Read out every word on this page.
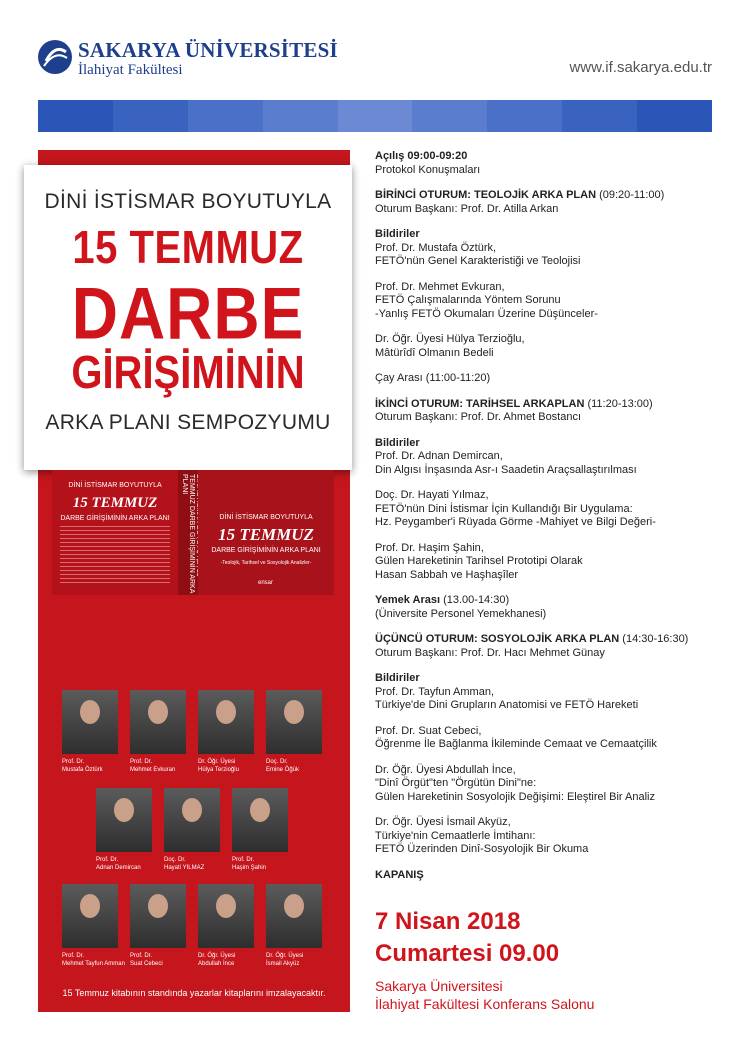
SAKARYA ÜNİVERSİTESİ
İlahiyat Fakültesi	www.if.sakarya.edu.tr
DİNİ İSTİSMAR BOYUTUYLA
15 TEMMUZ
DARBE
GİRİŞİMİNİN
ARKA PLANI SEMPOZYUMU
DİNİ İSTİSMAR BOYUTUYLA
15 TEMMUZ
DARBE GİRİŞİMİNİN ARKA PLANI
TEMMUZ DARBE GİRİŞİMİNİN ARKA PLANI
DİNİ İSTİSMAR BOYUTUYLA
15 TEMMUZ
DARBE GİRİŞİMİNİN ARKA PLANI
-Teolojik, Tarihsel ve Sosyolojik Analizler-
ensar
Prof. Dr.
Mustafa Öztürk
Prof. Dr.
Mehmet Evkuran
Dr. Öğr. Üyesi
Hülya Terzioğlu
Doç. Dr.
Emine Öğük
Prof. Dr.
Adnan Demircan
Doç. Dr.
Hayati YILMAZ
Prof. Dr.
Haşim Şahin
Prof. Dr.
Mehmet Tayfun Amman
Prof. Dr.
Suat Cebeci
Dr. Öğr. Üyesi
Abdullah İnce
Dr. Öğr. Üyesi
İsmail Akyüz
15 Temmuz kitabının standında yazarlar kitaplarını imzalayacaktır.

Açılış 09:00-09:20

Protokol Konuşmaları

BİRİNCİ OTURUM: TEOLOJİK ARKA PLAN (09:20-11:00)

Oturum Başkanı: Prof. Dr. Atilla Arkan

Bildiriler

Prof. Dr. Mustafa Öztürk,

FETÖ'nün Genel Karakteristiği ve Teolojisi

Prof. Dr. Mehmet Evkuran,

FETÖ Çalışmalarında Yöntem Sorunu

-Yanlış FETÖ Okumaları Üzerine Düşünceler-

Dr. Öğr. Üyesi Hülya Terzioğlu,

Mâtürîdî Olmanın Bedeli

Çay Arası (11:00-11:20)

İKİNCİ OTURUM: TARİHSEL ARKAPLAN (11:20-13:00)

Oturum Başkanı: Prof. Dr. Ahmet Bostancı

Bildiriler

Prof. Dr. Adnan Demircan,

Din Algısı İnşasında Asr-ı Saadetin Araçsallaştırılması

Doç. Dr. Hayati Yılmaz,

FETÖ'nün Dini İstismar İçin Kullandığı Bir Uygulama:

Hz. Peygamber'i Rüyada Görme -Mahiyet ve Bilgi Değeri-

Prof. Dr. Haşim Şahin,

Gülen Hareketinin Tarihsel Prototipi Olarak

Hasan Sabbah ve Haşhaşîler

Yemek Arası (13.00-14:30)

(Üniversite Personel Yemekhanesi)

ÜÇÜNCÜ OTURUM: SOSYOLOJİK ARKA PLAN (14:30-16:30)

Oturum Başkanı: Prof. Dr. Hacı Mehmet Günay

Bildiriler

Prof. Dr. Tayfun Amman,

Türkiye'de Dini Grupların Anatomisi ve FETÖ Hareketi

Prof. Dr. Suat Cebeci,

Öğrenme İle Bağlanma İkileminde Cemaat ve Cemaatçilik

Dr. Öğr. Üyesi Abdullah İnce,

"Dinî Örgüt"ten "Örgütün Dini"ne:

Gülen Hareketinin Sosyolojik Değişimi: Eleştirel Bir Analiz

Dr. Öğr. Üyesi İsmail Akyüz,

Türkiye'nin Cemaatlerle İmtihanı:

FETÖ Üzerinden Dinî-Sosyolojik Bir Okuma

KAPANIŞ

7 Nisan 2018
Cumartesi 09.00
Sakarya Üniversitesi
İlahiyat Fakültesi Konferans Salonu
